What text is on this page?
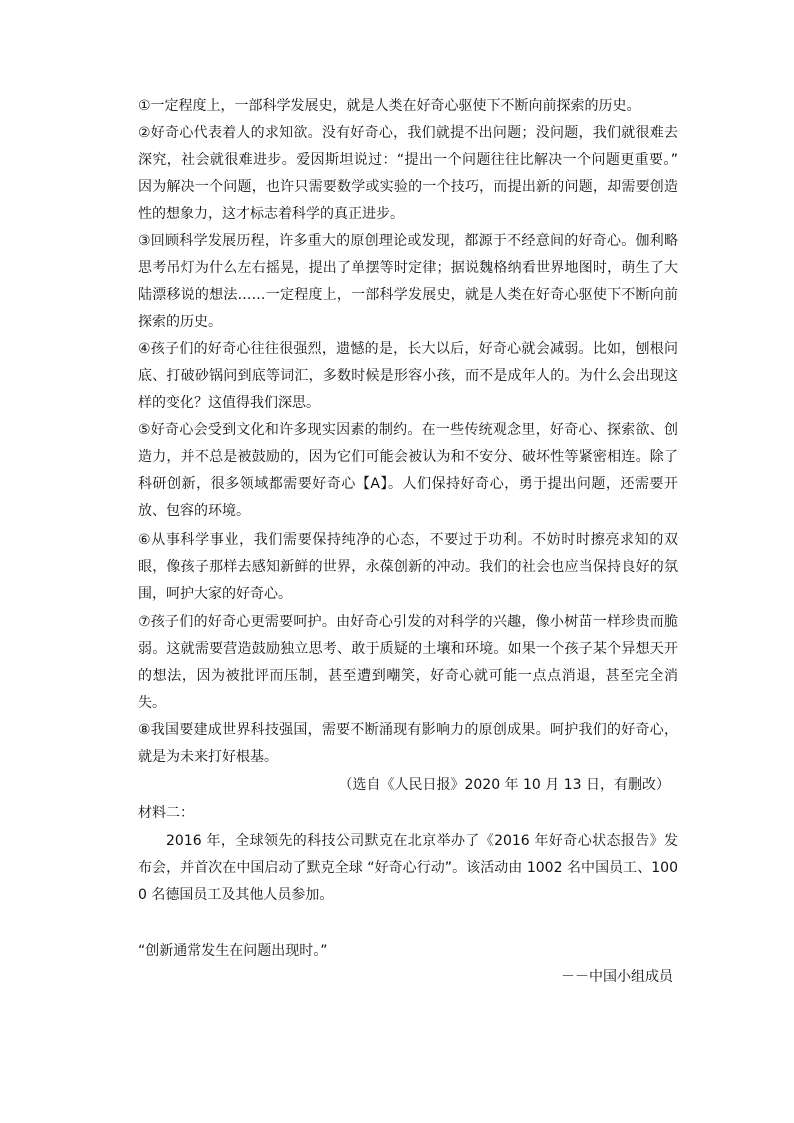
①一定程度上，一部科学发展史，就是人类在好奇心驱使下不断向前探索的历史。

②好奇心代表着人的求知欲。没有好奇心，我们就提不出问题；没问题，我们就很难去深究，社会就很难进步。爱因斯坦说过：“提出一个问题往往比解决一个问题更重要。” 因为解决一个问题，也许只需要数学或实验的一个技巧，而提出新的问题，却需要创造性的想象力，这才标志着科学的真正进步。

③回顾科学发展历程，许多重大的原创理论或发现，都源于不经意间的好奇心。伽利略思考吊灯为什么左右摇晃，提出了单摆等时定律；据说魏格纳看世界地图时，萌生了大陆漂移说的想法……一定程度上，一部科学发展史，就是人类在好奇心驱使下不断向前探索的历史。

④孩子们的好奇心往往很强烈，遗憾的是，长大以后，好奇心就会减弱。比如，刨根问底、打破砂锅问到底等词汇，多数时候是形容小孩，而不是成年人的。为什么会出现这样的变化？这值得我们深思。

⑤好奇心会受到文化和许多现实因素的制约。在一些传统观念里，好奇心、探索欲、创造力，并不总是被鼓励的，因为它们可能会被认为和不安分、破坏性等紧密相连。除了科研创新，很多领域都需要好奇心【A】。人们保持好奇心，勇于提出问题，还需要开放、包容的环境。

⑥从事科学事业，我们需要保持纯净的心态，不要过于功利。不妨时时擦亮求知的双眼，像孩子那样去感知新鲜的世界，永葆创新的冲动。我们的社会也应当保持良好的氛围，呵护大家的好奇心。

⑦孩子们的好奇心更需要呵护。由好奇心引发的对科学的兴趣，像小树苗一样珍贵而脆弱。这就需要营造鼓励独立思考、敢于质疑的土壤和环境。如果一个孩子某个异想天开的想法，因为被批评而压制，甚至遭到嘲笑，好奇心就可能一点点消退，甚至完全消失。

⑧我国要建成世界科技强国，需要不断涌现有影响力的原创成果。呵护我们的好奇心，就是为未来打好根基。

（选自《人民日报》2020 年 10 月 13 日，有删改）

材料二：

2016 年，全球领先的科技公司默克在北京举办了《2016 年好奇心状态报告》发布会，并首次在中国启动了默克全球 “好奇心行动”。该活动由 1002 名中国员工、1000 名德国员工及其他人员参加。

“创新通常发生在问题出现时。”

－－中国小组成员
